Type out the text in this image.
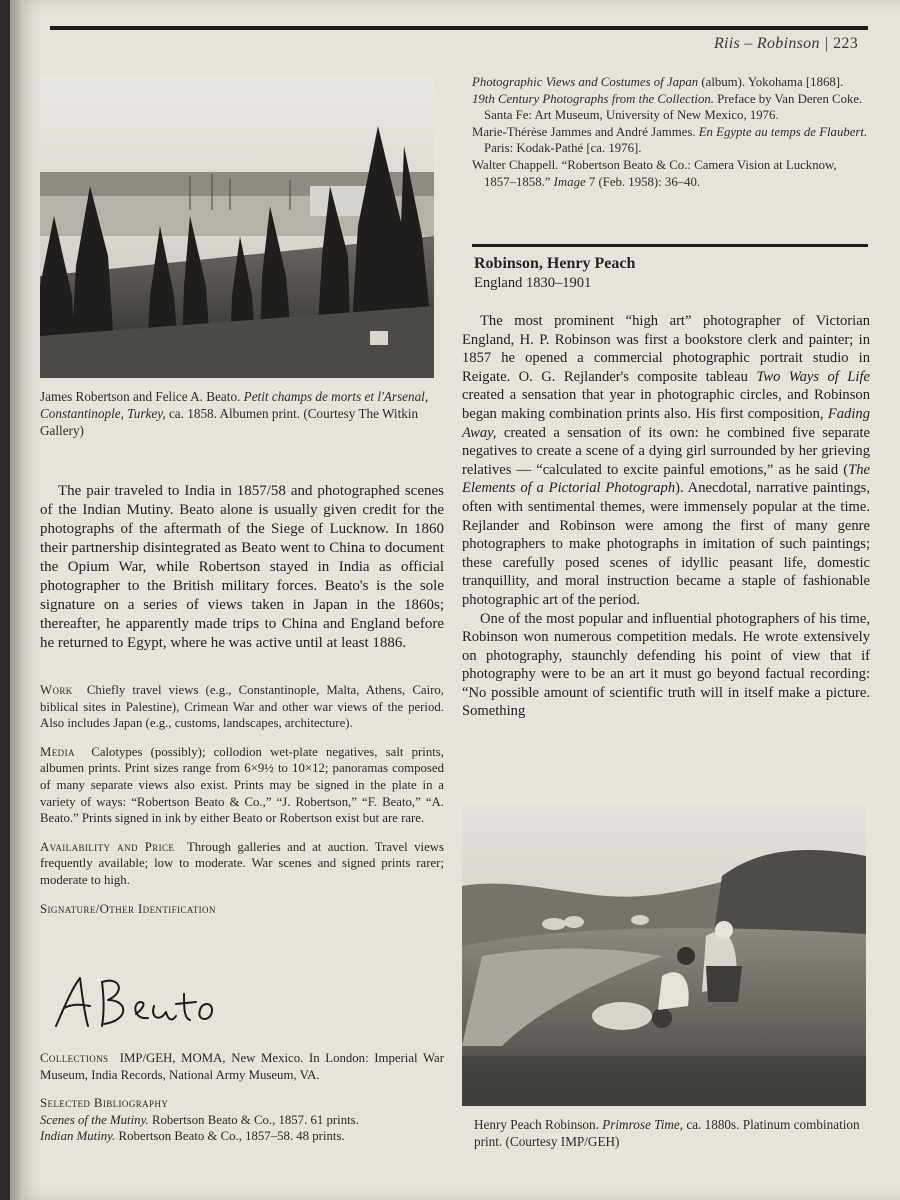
Riis – Robinson | 223
James Robertson and Felice A. Beato. Petit champs de morts et l'Arsenal, Constantinople, Turkey, ca. 1858. Albumen print. (Courtesy The Witkin Gallery)

The pair traveled to India in 1857/58 and photographed scenes of the Indian Mutiny. Beato alone is usually given credit for the photographs of the aftermath of the Siege of Lucknow. In 1860 their partnership disintegrated as Beato went to China to document the Opium War, while Robertson stayed in India as official photographer to the British military forces. Beato's is the sole signature on a series of views taken in Japan in the 1860s; thereafter, he apparently made trips to China and England before he returned to Egypt, where he was active until at least 1886.

Work Chiefly travel views (e.g., Constantinople, Malta, Athens, Cairo, biblical sites in Palestine), Crimean War and other war views of the period. Also includes Japan (e.g., customs, landscapes, architecture).
Media Calotypes (possibly); collodion wet-plate negatives, salt prints, albumen prints. Print sizes range from 6×9½ to 10×12; panoramas composed of many separate views also exist. Prints may be signed in the plate in a variety of ways: “Robertson Beato & Co.,” “J. Robertson,” “F. Beato,” “A. Beato.” Prints signed in ink by either Beato or Robertson exist but are rare.
Availability and Price Through galleries and at auction. Travel views frequently available; low to moderate. War scenes and signed prints rarer; moderate to high.
Signature/Other Identification
Collections IMP/GEH, MOMA, New Mexico. In London: Imperial War Museum, India Records, National Army Museum, VA.
Selected Bibliography
Scenes of the Mutiny. Robertson Beato & Co., 1857. 61 prints.
Indian Mutiny. Robertson Beato & Co., 1857–58. 48 prints.
Photographic Views and Costumes of Japan (album). Yokohama [1868].
19th Century Photographs from the Collection. Preface by Van Deren Coke. Santa Fe: Art Museum, University of New Mexico, 1976.
Marie-Thérèse Jammes and André Jammes. En Egypte au temps de Flaubert. Paris: Kodak-Pathé [ca. 1976].
Walter Chappell. “Robertson Beato & Co.: Camera Vision at Lucknow, 1857–1858.” Image 7 (Feb. 1958): 36–40.
Robinson, Henry Peach
England 1830–1901

The most prominent “high art” photographer of Victorian England, H. P. Robinson was first a bookstore clerk and painter; in 1857 he opened a commercial photographic portrait studio in Reigate. O. G. Rejlander's composite tableau Two Ways of Life created a sensation that year in photographic circles, and Robinson began making combination prints also. His first composition, Fading Away, created a sensation of its own: he combined five separate negatives to create a scene of a dying girl surrounded by her grieving relatives — “calculated to excite painful emotions,” as he said (The Elements of a Pictorial Photograph). Anecdotal, narrative paintings, often with sentimental themes, were immensely popular at the time. Rejlander and Robinson were among the first of many genre photographers to make photographs in imitation of such paintings; these carefully posed scenes of idyllic peasant life, domestic tranquillity, and moral instruction became a staple of fashionable photographic art of the period.

One of the most popular and influential photographers of his time, Robinson won numerous competition medals. He wrote extensively on photography, staunchly defending his point of view that if photography were to be an art it must go beyond factual recording: “No possible amount of scientific truth will in itself make a picture. Something

Henry Peach Robinson. Primrose Time, ca. 1880s. Platinum combination print. (Courtesy IMP/GEH)
